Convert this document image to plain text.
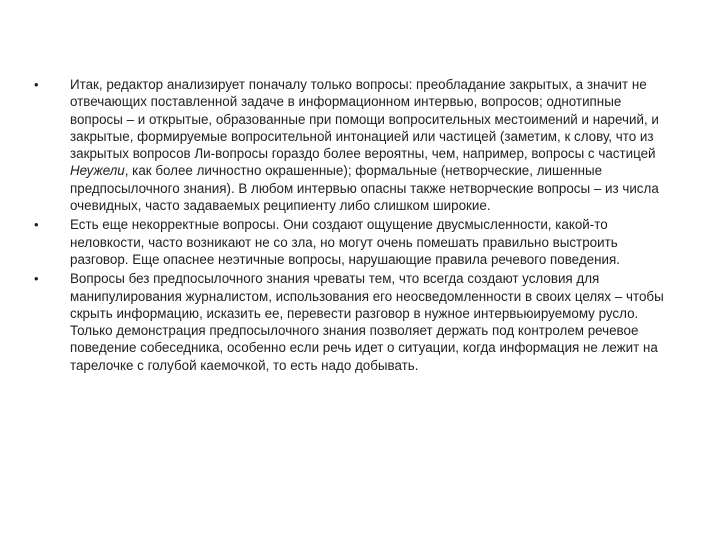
•	Итак, редактор анализирует поначалу только вопросы: преобладание закрытых, а значит не отвечающих поставленной задаче в информационном интервью, вопросов; однотипные вопросы – и открытые, образованные при помощи вопросительных местоимений и наречий, и закрытые, формируемые вопросительной интонацией или частицей (заметим, к слову, что из закрытых вопросов Ли-вопросы гораздо более вероятны, чем, например, вопросы с частицей Неужели, как более личностно окрашенные); формальные (нетворческие, лишенные предпосылочного знания). В любом интервью опасны также нетворческие вопросы – из числа очевидных, часто задаваемых реципиенту либо слишком широкие.
•	Есть еще некорректные вопросы. Они создают ощущение двусмысленности, какой-то неловкости, часто возникают не со зла, но могут очень помешать правильно выстроить разговор. Еще опаснее неэтичные вопросы, нарушающие правила речевого поведения.
•	Вопросы без предпосылочного знания чреваты тем, что всегда создают условия для манипулирования журналистом, использования его неосведомленности в своих целях – чтобы скрыть информацию, исказить ее, перевести разговор в нужное интервьюируемому русло. Только демонстрация предпосылочного знания позволяет держать под контролем речевое поведение собеседника, особенно если речь идет о ситуации, когда информация не лежит на тарелочке с голубой каемочкой, то есть надо добывать.
